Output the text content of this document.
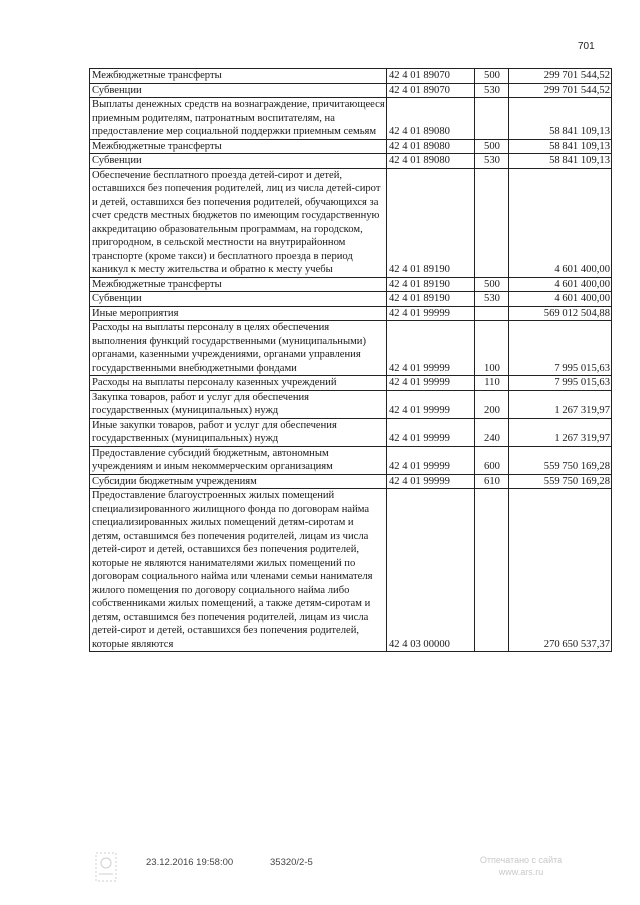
701
Межбюджетные трансферты	42 4 01 89070	500	299 701 544,52
Субвенции	42 4 01 89070	530	299 701 544,52
Выплаты денежных средств на вознаграждение, причитающееся приемным родителям, патронатным воспитателям, на предоставление мер социальной поддержки приемным семьям	42 4 01 89080		58 841 109,13
Межбюджетные трансферты	42 4 01 89080	500	58 841 109,13
Субвенции	42 4 01 89080	530	58 841 109,13
Обеспечение бесплатного проезда детей-сирот и детей, оставшихся без попечения родителей, лиц из числа детей-сирот и детей, оставшихся без попечения родителей, обучающихся за счет средств местных бюджетов по имеющим государственную аккредитацию образовательным программам, на городском, пригородном, в сельской местности на внутрирайонном транспорте (кроме такси) и бесплатного проезда в период каникул к месту жительства и обратно к месту учебы	42 4 01 89190		4 601 400,00
Межбюджетные трансферты	42 4 01 89190	500	4 601 400,00
Субвенции	42 4 01 89190	530	4 601 400,00
Иные мероприятия	42 4 01 99999		569 012 504,88
Расходы на выплаты персоналу в целях обеспечения выполнения функций государственными (муниципальными) органами, казенными учреждениями, органами управления государственными внебюджетными фондами	42 4 01 99999	100	7 995 015,63
Расходы на выплаты персоналу казенных учреждений	42 4 01 99999	110	7 995 015,63
Закупка товаров, работ и услуг для обеспечения государственных (муниципальных) нужд	42 4 01 99999	200	1 267 319,97
Иные закупки товаров, работ и услуг для обеспечения государственных (муниципальных) нужд	42 4 01 99999	240	1 267 319,97
Предоставление субсидий бюджетным, автономным учреждениям и иным некоммерческим организациям	42 4 01 99999	600	559 750 169,28
Субсидии бюджетным учреждениям	42 4 01 99999	610	559 750 169,28
Предоставление благоустроенных жилых помещений специализированного жилищного фонда по договорам найма специализированных жилых помещений детям-сиротам и детям, оставшимся без попечения родителей, лицам из числа детей-сирот и детей, оставшихся без попечения родителей, которые не являются нанимателями жилых помещений по договорам социального найма или членами семьи нанимателя жилого помещения по договору социального найма либо собственниками жилых помещений, а также детям-сиротам и детям, оставшимся без попечения родителей, лицам из числа детей-сирот и детей, оставшихся без попечения родителей, которые являются	42 4 03 00000		270 650 537,37
23.12.2016 19:58:00	35320/2-5	Отпечатано с сайта
www.ars.ru
